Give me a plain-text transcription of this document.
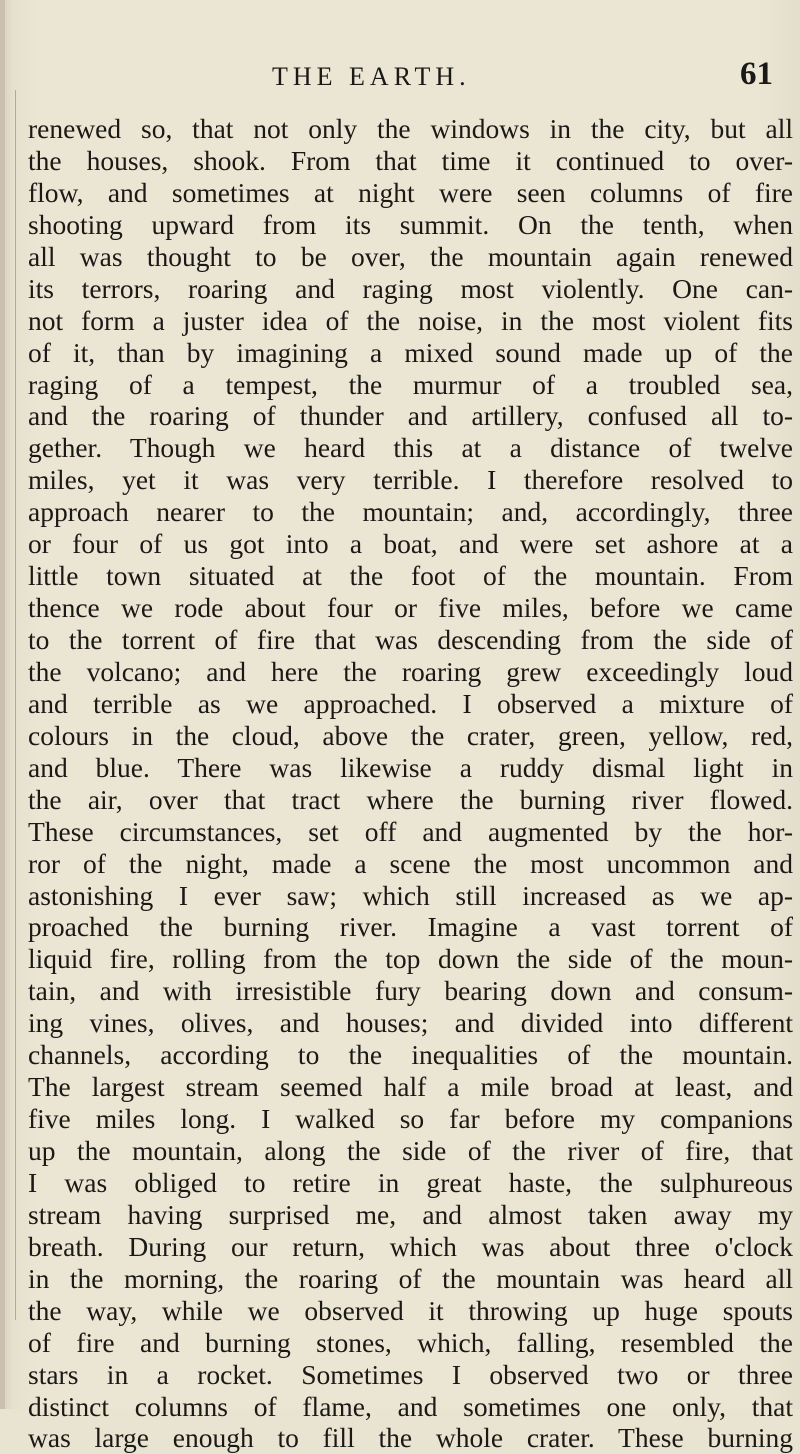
THE EARTH.	61
renewed so, that not only the windows in the city, but all
the houses, shook. From that time it continued to over-
flow, and sometimes at night were seen columns of fire
shooting upward from its summit. On the tenth, when
all was thought to be over, the mountain again renewed
its terrors, roaring and raging most violently. One can-
not form a juster idea of the noise, in the most violent fits
of it, than by imagining a mixed sound made up of the
raging of a tempest, the murmur of a troubled sea,
and the roaring of thunder and artillery, confused all to-
gether. Though we heard this at a distance of twelve
miles, yet it was very terrible. I therefore resolved to
approach nearer to the mountain; and, accordingly, three
or four of us got into a boat, and were set ashore at a
little town situated at the foot of the mountain. From
thence we rode about four or five miles, before we came
to the torrent of fire that was descending from the side of
the volcano; and here the roaring grew exceedingly loud
and terrible as we approached. I observed a mixture of
colours in the cloud, above the crater, green, yellow, red,
and blue. There was likewise a ruddy dismal light in
the air, over that tract where the burning river flowed.
These circumstances, set off and augmented by the hor-
ror of the night, made a scene the most uncommon and
astonishing I ever saw; which still increased as we ap-
proached the burning river. Imagine a vast torrent of
liquid fire, rolling from the top down the side of the moun-
tain, and with irresistible fury bearing down and consum-
ing vines, olives, and houses; and divided into different
channels, according to the inequalities of the mountain.
The largest stream seemed half a mile broad at least, and
five miles long. I walked so far before my companions
up the mountain, along the side of the river of fire, that
I was obliged to retire in great haste, the sulphureous
stream having surprised me, and almost taken away my
breath. During our return, which was about three o'clock
in the morning, the roaring of the mountain was heard all
the way, while we observed it throwing up huge spouts
of fire and burning stones, which, falling, resembled the
stars in a rocket. Sometimes I observed two or three
distinct columns of flame, and sometimes one only, that
was large enough to fill the whole crater. These burning
